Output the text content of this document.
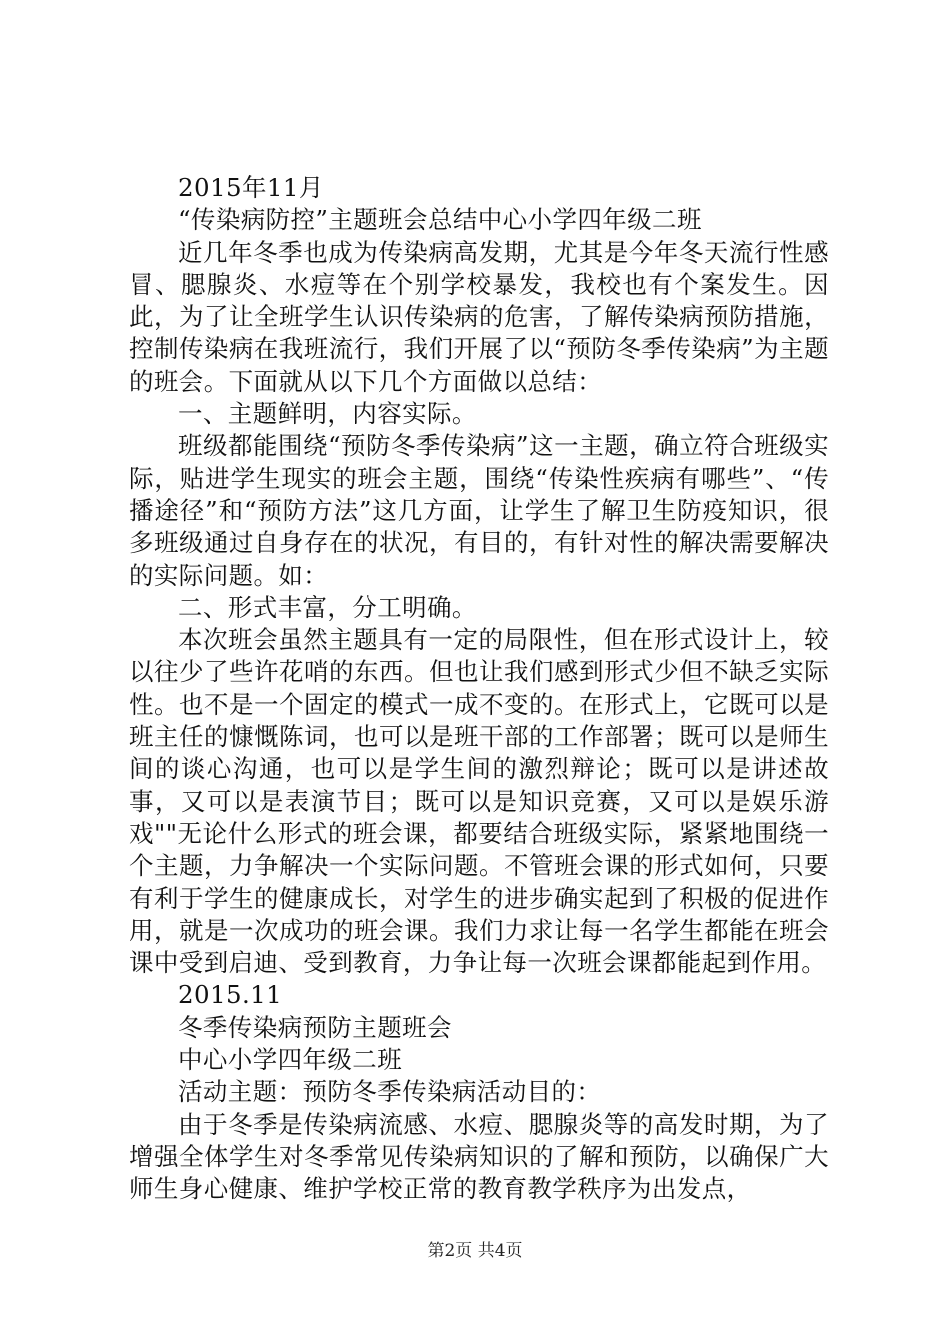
2015年11月

“传染病防控”主题班会总结中心小学四年级二班

近几年冬季也成为传染病高发期，尤其是今年冬天流行性感冒、腮腺炎、水痘等在个别学校暴发，我校也有个案发生。因此，为了让全班学生认识传染病的危害，了解传染病预防措施，控制传染病在我班流行，我们开展了以“预防冬季传染病”为主题的班会。下面就从以下几个方面做以总结：

一、主题鲜明，内容实际。

班级都能围绕“预防冬季传染病”这一主题，确立符合班级实际，贴进学生现实的班会主题，围绕“传染性疾病有哪些”、“传播途径”和“预防方法”这几方面，让学生了解卫生防疫知识，很多班级通过自身存在的状况，有目的，有针对性的解决需要解决的实际问题。如：

二、形式丰富，分工明确。

本次班会虽然主题具有一定的局限性，但在形式设计上，较以往少了些许花哨的东西。但也让我们感到形式少但不缺乏实际性。也不是一个固定的模式一成不变的。在形式上，它既可以是班主任的慷慨陈词，也可以是班干部的工作部署；既可以是师生间的谈心沟通，也可以是学生间的激烈辩论；既可以是讲述故事，又可以是表演节目；既可以是知识竞赛，又可以是娱乐游戏""无论什么形式的班会课，都要结合班级实际，紧紧地围绕一个主题，力争解决一个实际问题。不管班会课的形式如何，只要有利于学生的健康成长，对学生的进步确实起到了积极的促进作用，就是一次成功的班会课。我们力求让每一名学生都能在班会课中受到启迪、受到教育，力争让每一次班会课都能起到作用。

2015.11

冬季传染病预防主题班会

中心小学四年级二班

活动主题：预防冬季传染病活动目的：

由于冬季是传染病流感、水痘、腮腺炎等的高发时期，为了增强全体学生对冬季常见传染病知识的了解和预防，以确保广大师生身心健康、维护学校正常的教育教学秩序为出发点，

第2页 共4页
